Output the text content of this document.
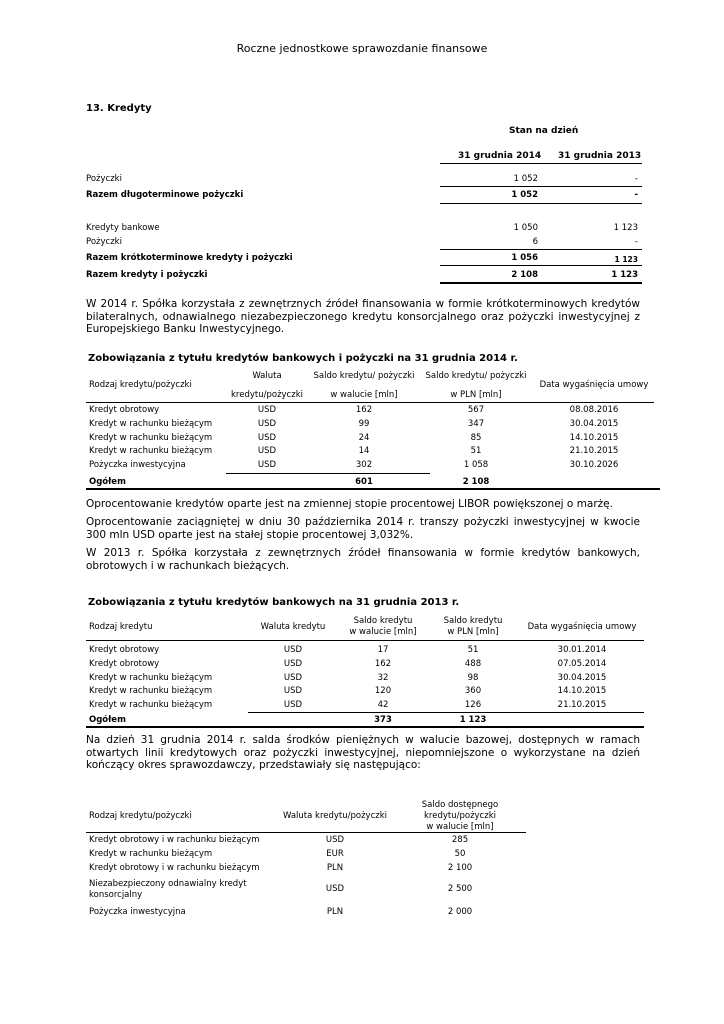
Roczne jednostkowe sprawozdanie finansowe
13. Kredyty
Stan na dzień
31 grudnia 2014 31 grudnia 2013
Pożyczki	1 052	-
Razem długoterminowe pożyczki	1 052	-
Kredyty bankowe	1 050	1 123
Pożyczki	6	-
Razem krótkoterminowe kredyty i pożyczki	1 056	1 123
Razem kredyty i pożyczki	2 108	1 123
W 2014 r. Spółka korzystała z zewnętrznych źródeł finansowania w formie krótkoterminowych kredytów bilateralnych, odnawialnego niezabezpieczonego kredytu konsorcjalnego oraz pożyczki inwestycyjnej z Europejskiego Banku Inwestycyjnego.
Zobowiązania z tytułu kredytów bankowych i pożyczki na 31 grudnia 2014 r.
Rodzaj kredytu/pożyczki
Waluta
kredytu/pożyczki
Saldo kredytu/ pożyczki
w walucie [mln]
Saldo kredytu/ pożyczki
w PLN [mln]
Data wygaśnięcia umowy
Kredyt obrotowy	USD	162	567	08.08.2016
Kredyt w rachunku bieżącym	USD	99	347	30.04.2015
Kredyt w rachunku bieżącym	USD	24	85	14.10.2015
Kredyt w rachunku bieżącym	USD	14	51	21.10.2015
Pożyczka inwestycyjna	USD	302	1 058	30.10.2026
Ogółem	601	2 108
Oprocentowanie kredytów oparte jest na zmiennej stopie procentowej LIBOR powiększonej o marżę.
Oprocentowanie zaciągniętej w dniu 30 października 2014 r. transzy pożyczki inwestycyjnej w kwocie 300 mln USD oparte jest na stałej stopie procentowej 3,032%.
W 2013 r. Spółka korzystała z zewnętrznych źródeł finansowania w formie kredytów bankowych, obrotowych i w rachunkach bieżących.
Zobowiązania z tytułu kredytów bankowych na 31 grudnia 2013 r.
Rodzaj kredytu	Waluta kredytu
Saldo kredytu
w walucie [mln]
Saldo kredytu
w PLN [mln]	Data wygaśnięcia umowy
Kredyt obrotowy	USD	17	51	30.01.2014
Kredyt obrotowy	USD	162	488	07.05.2014
Kredyt w rachunku bieżącym	USD	32	98	30.04.2015
Kredyt w rachunku bieżącym	USD	120	360	14.10.2015
Kredyt w rachunku bieżącym	USD	42	126	21.10.2015
Ogółem	373	1 123
Na dzień 31 grudnia 2014 r. salda środków pieniężnych w walucie bazowej, dostępnych w ramach otwartych linii kredytowych oraz pożyczki inwestycyjnej, niepomniejszone o wykorzystane na dzień kończący okres sprawozdawczy, przedstawiały się następująco:
Rodzaj kredytu/pożyczki	Waluta kredytu/pożyczki
Saldo dostępnego
kredytu/pożyczki
w walucie [mln]
Kredyt obrotowy i w rachunku bieżącym	USD	285
Kredyt w rachunku bieżącym	EUR	50
Kredyt obrotowy i w rachunku bieżącym	PLN	2 100
Niezabezpieczony odnawialny kredyt konsorcjalny
USD	2 500
Pożyczka inwestycyjna	PLN	2 000
